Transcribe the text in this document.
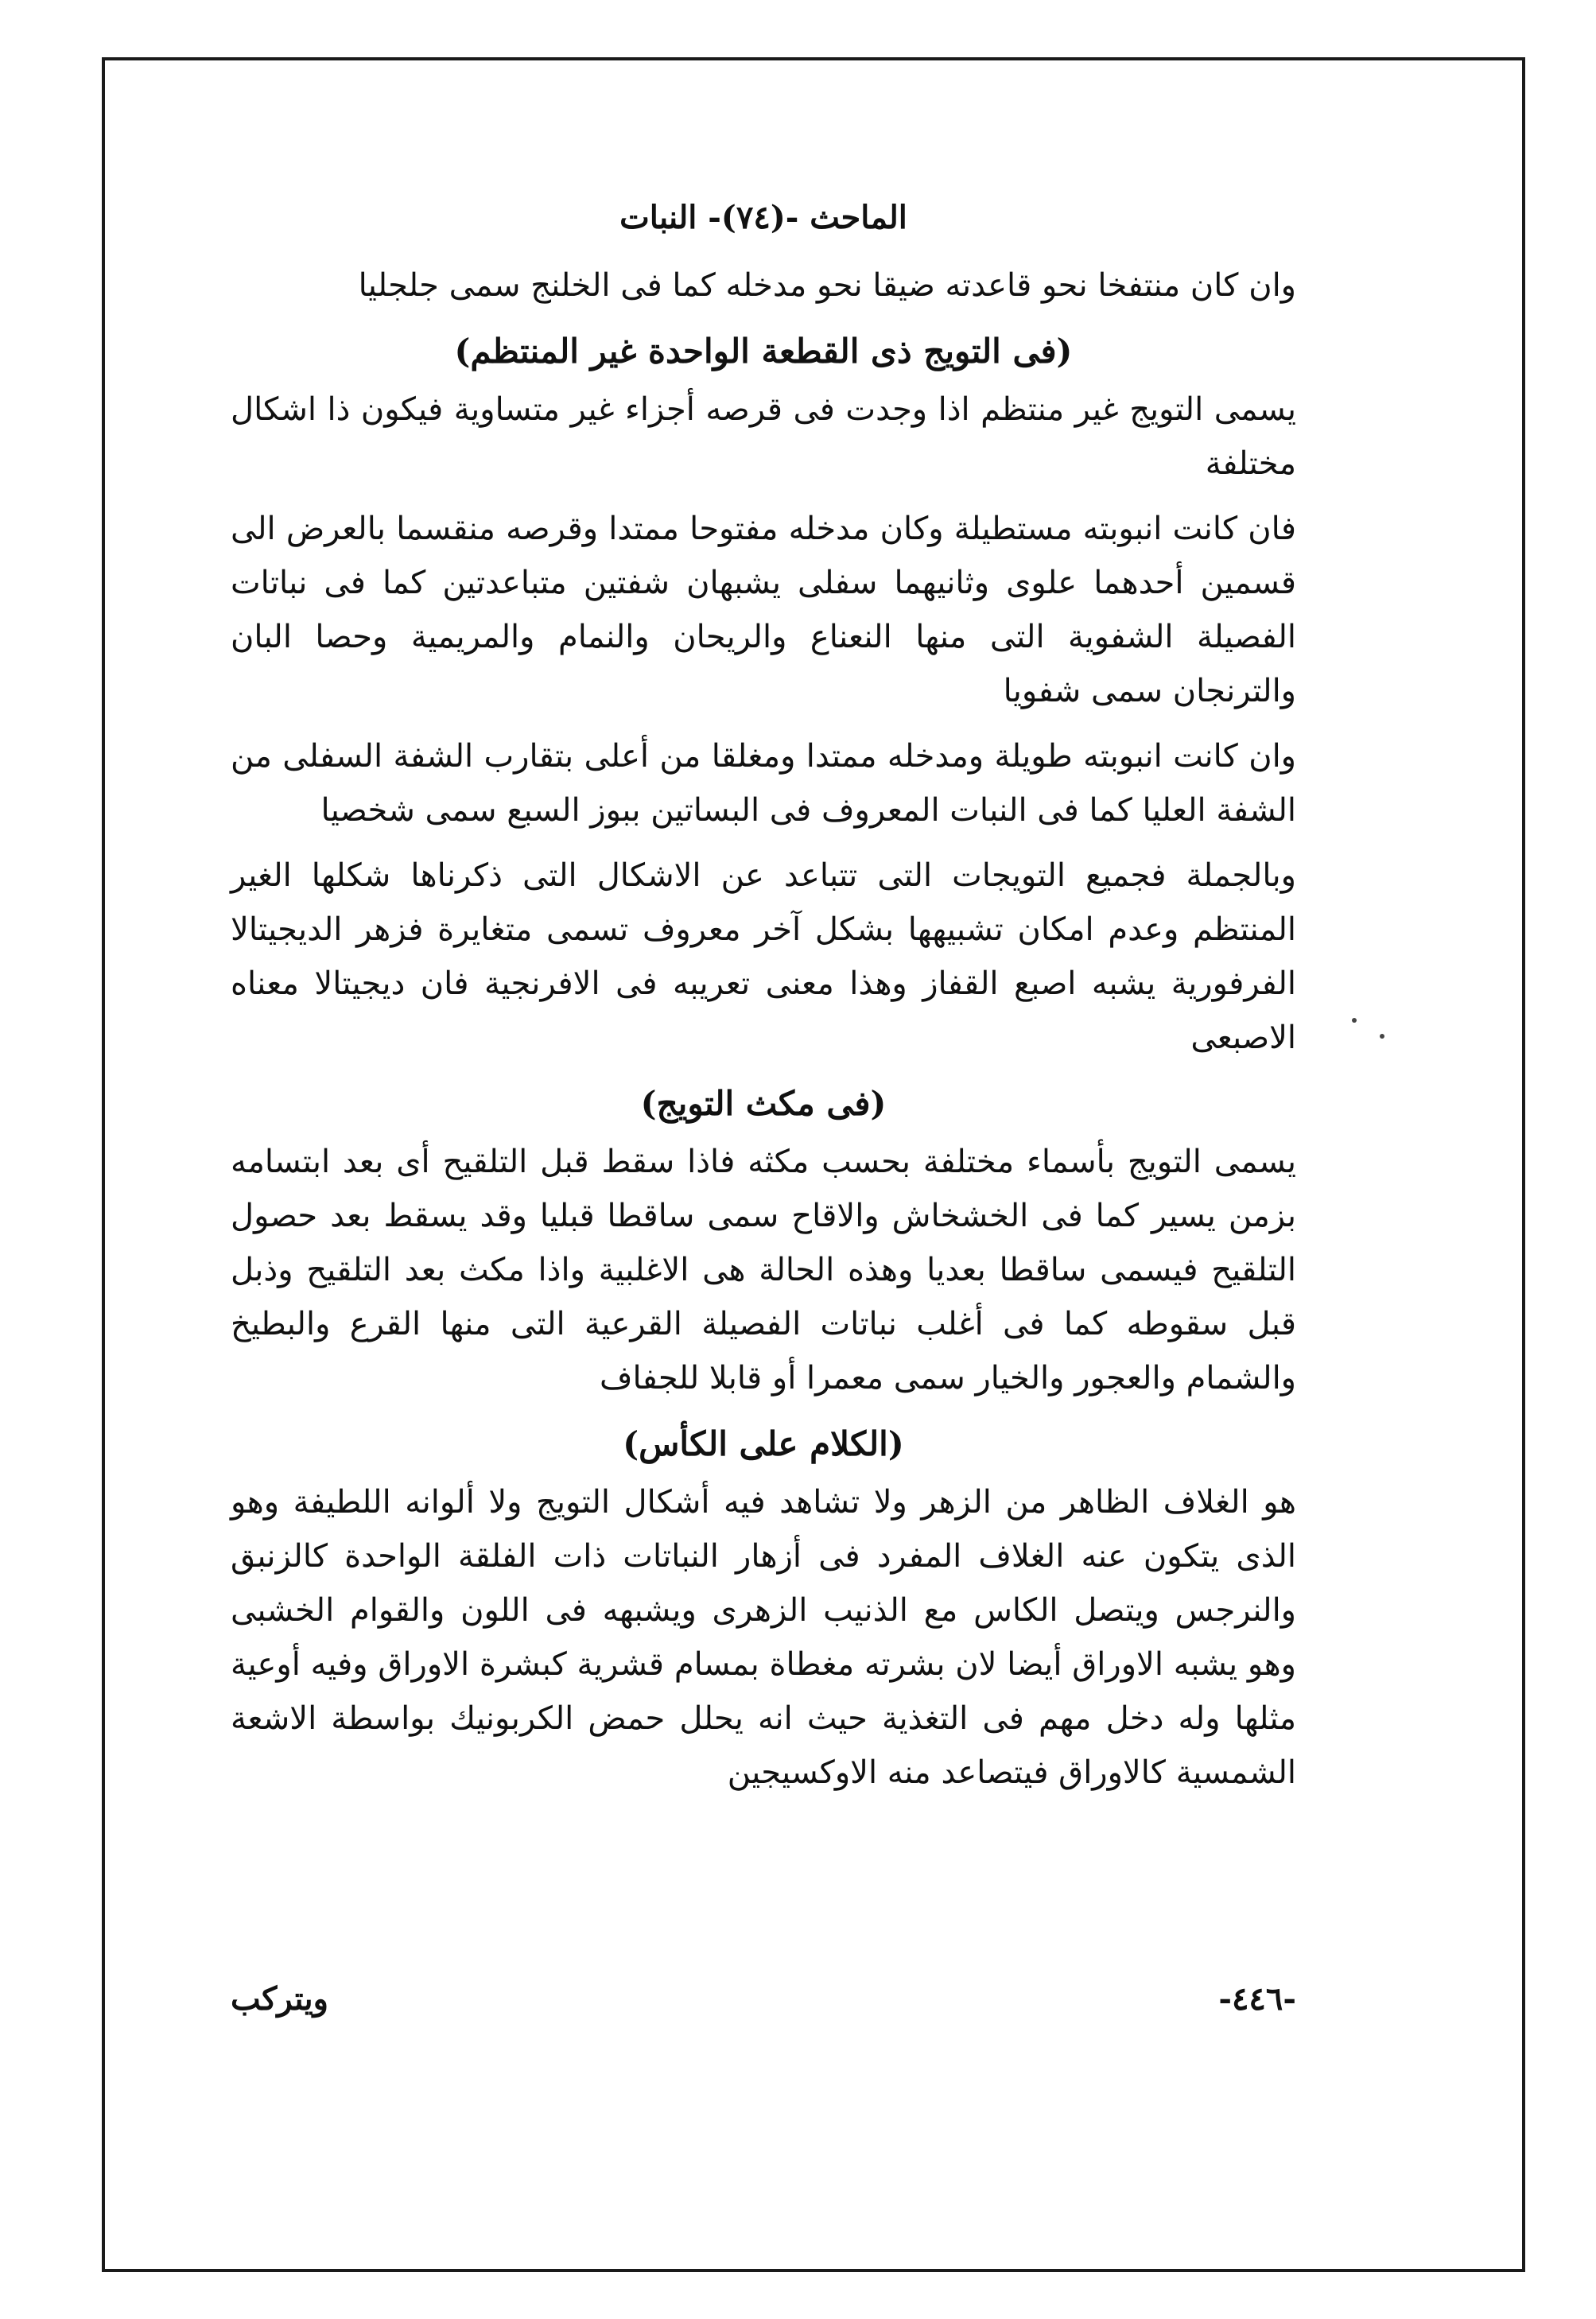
الماحث -(٧٤)- النبات

وان كان منتفخا نحو قاعدته ضيقا نحو مدخله كما فى الخلنج سمى جلجليا

(فى التويج ذى القطعة الواحدة غير المنتظم)

يسمى التويج غير منتظم اذا وجدت فى قرصه أجزاء غير متساوية فيكون ذا اشكال مختلفة

فان كانت انبوبته مستطيلة وكان مدخله مفتوحا ممتدا وقرصه منقسما بالعرض الى قسمين أحدهما علوى وثانيهما سفلى يشبهان شفتين متباعدتين كما فى نباتات الفصيلة الشفوية التى منها النعناع والريحان والنمام والمريمية وحصا البان والترنجان سمى شفويا

وان كانت انبوبته طويلة ومدخله ممتدا ومغلقا من أعلى بتقارب الشفة السفلى من الشفة العليا كما فى النبات المعروف فى البساتين ببوز السبع سمى شخصيا

وبالجملة فجميع التويجات التى تتباعد عن الاشكال التى ذكرناها شكلها الغير المنتظم وعدم امكان تشبيهها بشكل آخر معروف تسمى متغايرة فزهر الديجيتالا الفرفورية يشبه اصبع القفاز وهذا معنى تعريبه فى الافرنجية فان ديجيتالا معناه الاصبعى

(فى مكث التويج)

يسمى التويج بأسماء مختلفة بحسب مكثه فاذا سقط قبل التلقيح أى بعد ابتسامه بزمن يسير كما فى الخشخاش والاقاح سمى ساقطا قبليا وقد يسقط بعد حصول التلقيح فيسمى ساقطا بعديا وهذه الحالة هى الاغلبية واذا مكث بعد التلقيح وذبل قبل سقوطه كما فى أغلب نباتات الفصيلة القرعية التى منها القرع والبطيخ والشمام والعجور والخيار سمى معمرا أو قابلا للجفاف

(الكلام على الكأس)

هو الغلاف الظاهر من الزهر ولا تشاهد فيه أشكال التويج ولا ألوانه اللطيفة وهو الذى يتكون عنه الغلاف المفرد فى أزهار النباتات ذات الفلقة الواحدة كالزنبق والنرجس ويتصل الكاس مع الذنيب الزهرى ويشبهه فى اللون والقوام الخشبى وهو يشبه الاوراق أيضا لان بشرته مغطاة بمسام قشرية كبشرة الاوراق وفيه أوعية مثلها وله دخل مهم فى التغذية حيث انه يحلل حمض الكربونيك بواسطة الاشعة الشمسية كالاوراق فيتصاعد منه الاوكسيجين

ويتركب	-٤٤٦-
